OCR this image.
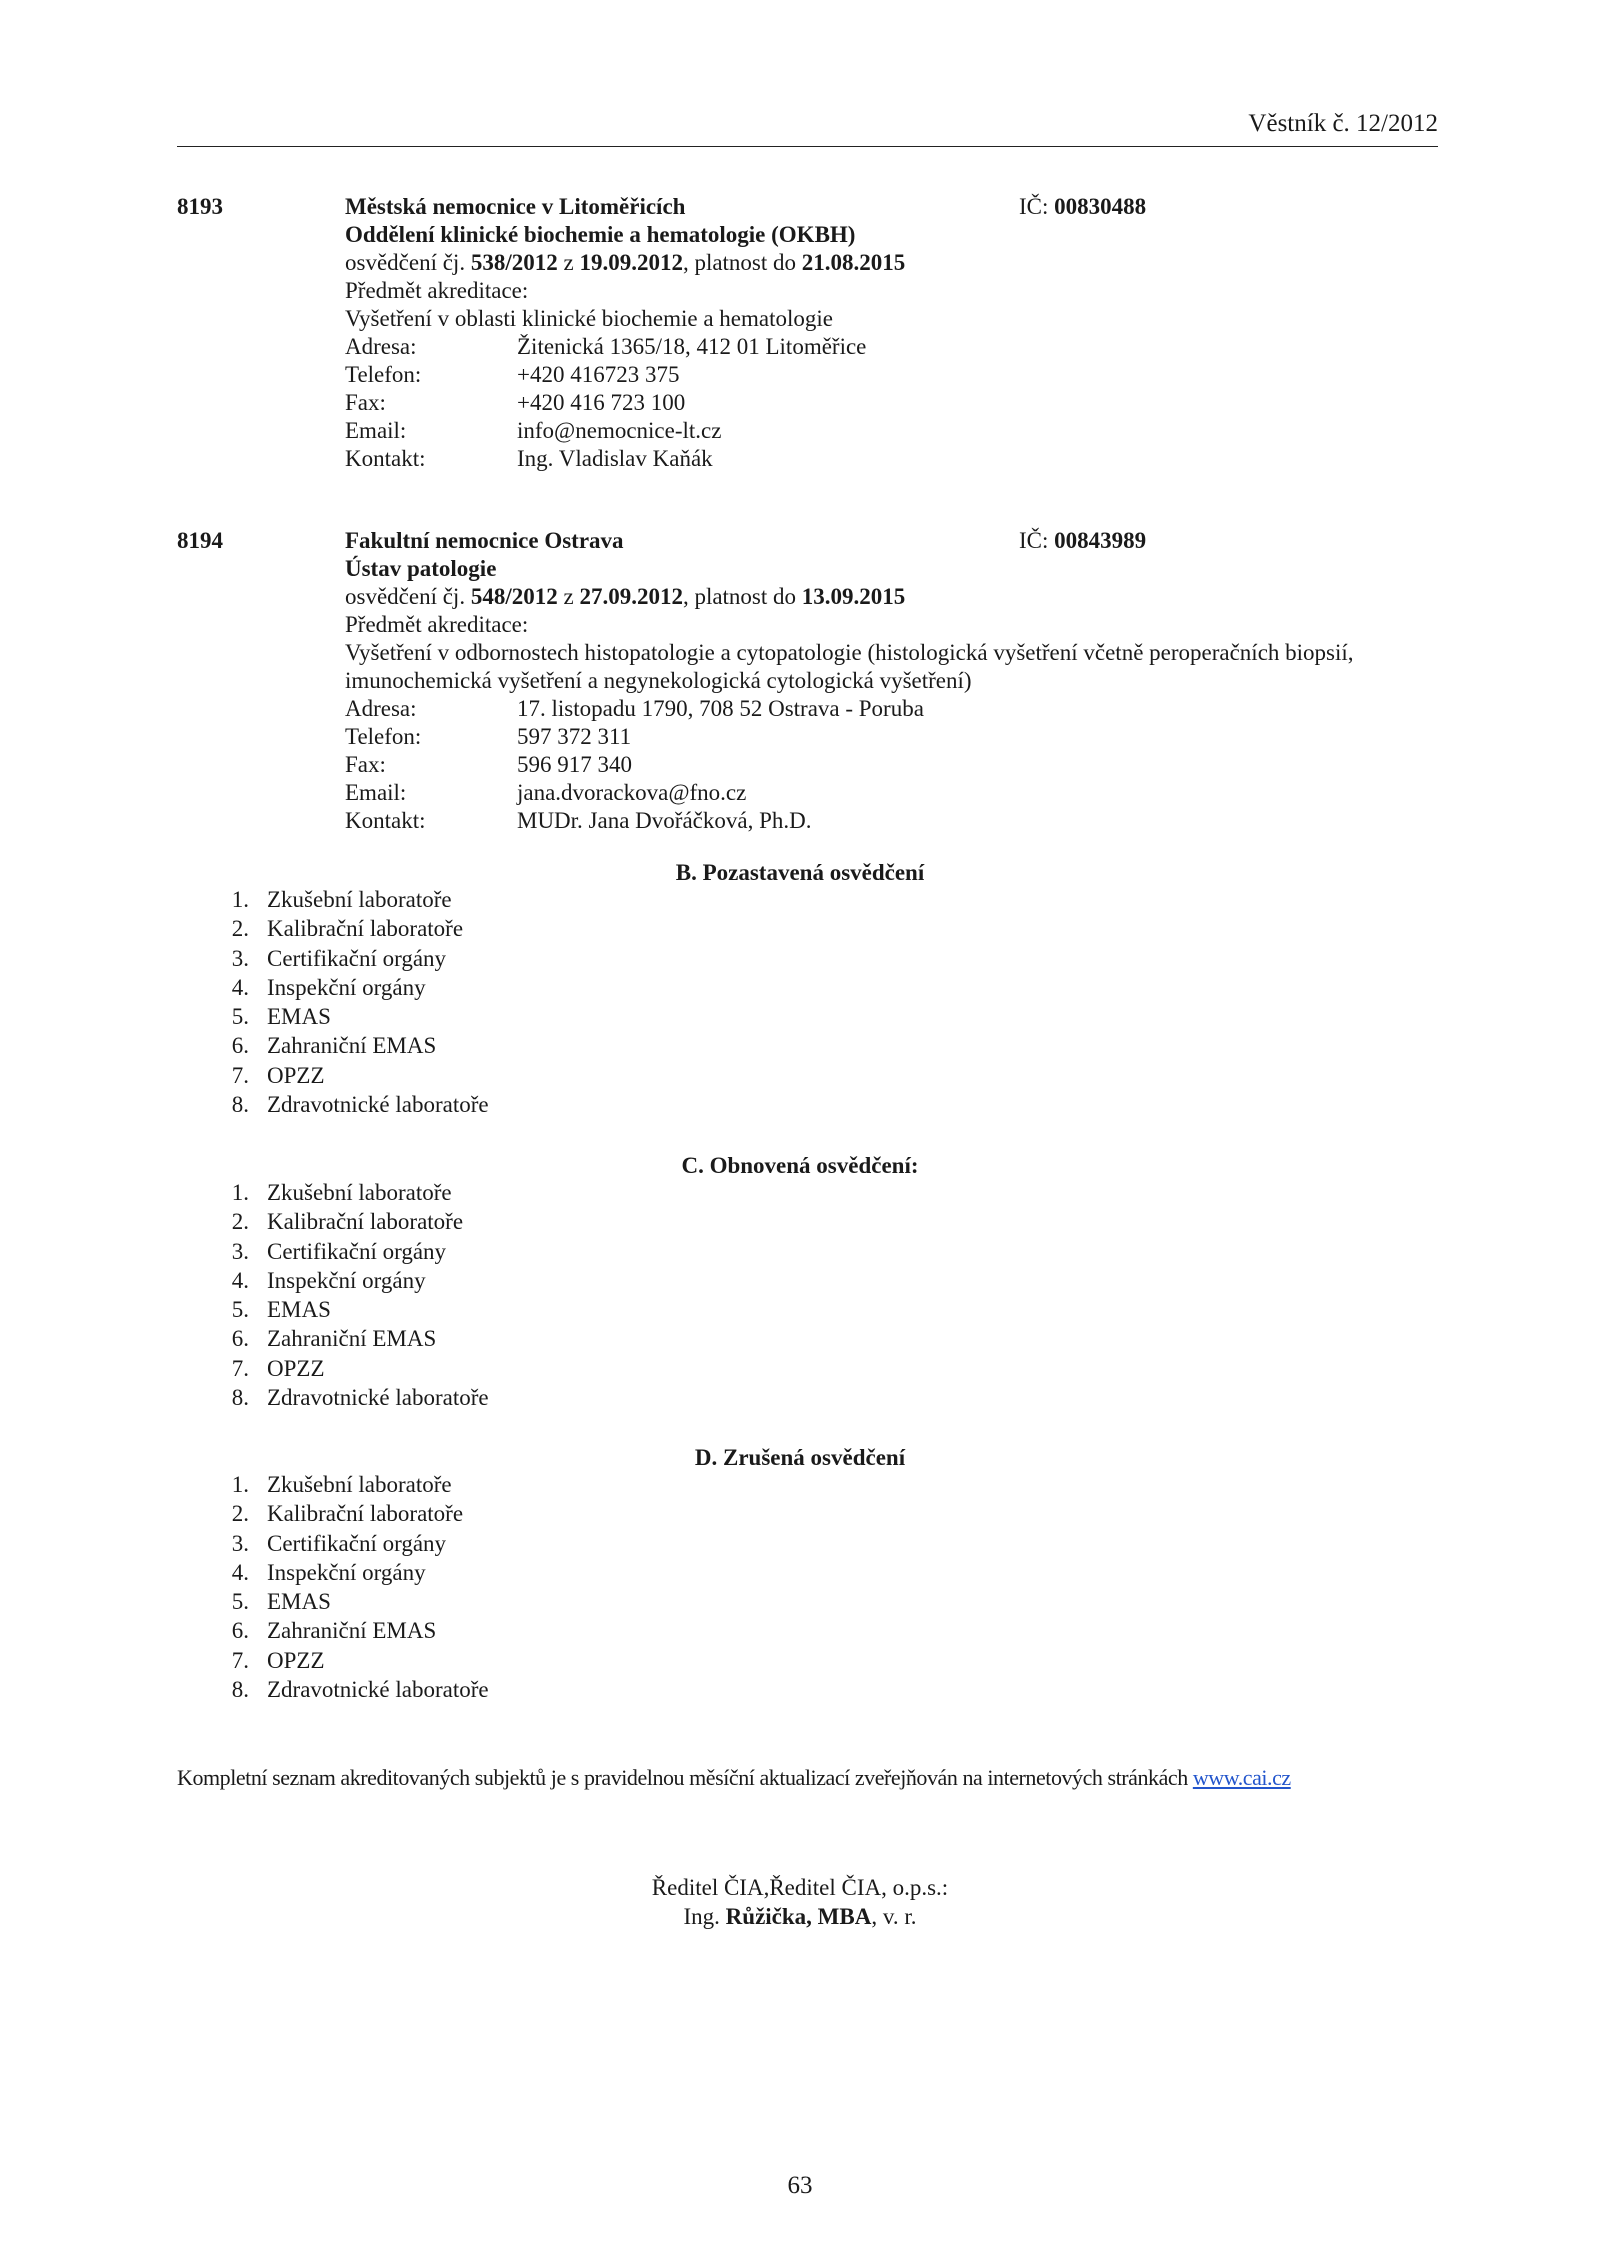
Věstník č. 12/2012
8193	IČ: 00830488
Městská nemocnice v Litoměřicích
Oddělení klinické biochemie a hematologie (OKBH)
osvědčení čj. 538/2012 z 19.09.2012, platnost do 21.08.2015
Předmět akreditace:
Vyšetření v oblasti klinické biochemie a hematologie
Adresa:	Žitenická 1365/18, 412 01 Litoměřice
Telefon:	+420 416723 375
Fax:	+420 416 723 100
Email:	info@nemocnice-lt.cz
Kontakt:	Ing. Vladislav Kaňák
8194	IČ: 00843989
Fakultní nemocnice Ostrava
Ústav patologie
osvědčení čj. 548/2012 z 27.09.2012, platnost do 13.09.2015
Předmět akreditace:
Vyšetření v odbornostech histopatologie a cytopatologie (histologická vyšetření včetně peroperačních biopsií, imunochemická vyšetření a negynekologická cytologická vyšetření)
Adresa:	17. listopadu 1790, 708 52 Ostrava - Poruba
Telefon:	597 372 311
Fax:	596 917 340
Email:	jana.dvorackova@fno.cz
Kontakt:	MUDr. Jana Dvořáčková, Ph.D.
B. Pozastavená osvědčení
1. Zkušební laboratoře
2. Kalibrační laboratoře
3. Certifikační orgány
4. Inspekční orgány
5. EMAS
6. Zahraniční EMAS
7. OPZZ
8. Zdravotnické laboratoře
C. Obnovená osvědčení:
1. Zkušební laboratoře
2. Kalibrační laboratoře
3. Certifikační orgány
4. Inspekční orgány
5. EMAS
6. Zahraniční EMAS
7. OPZZ
8. Zdravotnické laboratoře
D. Zrušená osvědčení
1. Zkušební laboratoře
2. Kalibrační laboratoře
3. Certifikační orgány
4. Inspekční orgány
5. EMAS
6. Zahraniční EMAS
7. OPZZ
8. Zdravotnické laboratoře
Kompletní seznam akreditovaných subjektů je s pravidelnou měsíční aktualizací zveřejňován na internetových stránkách www.cai.cz
Ředitel ČIA,Ředitel ČIA, o.p.s.:
Ing. Růžička, MBA, v. r.
63
